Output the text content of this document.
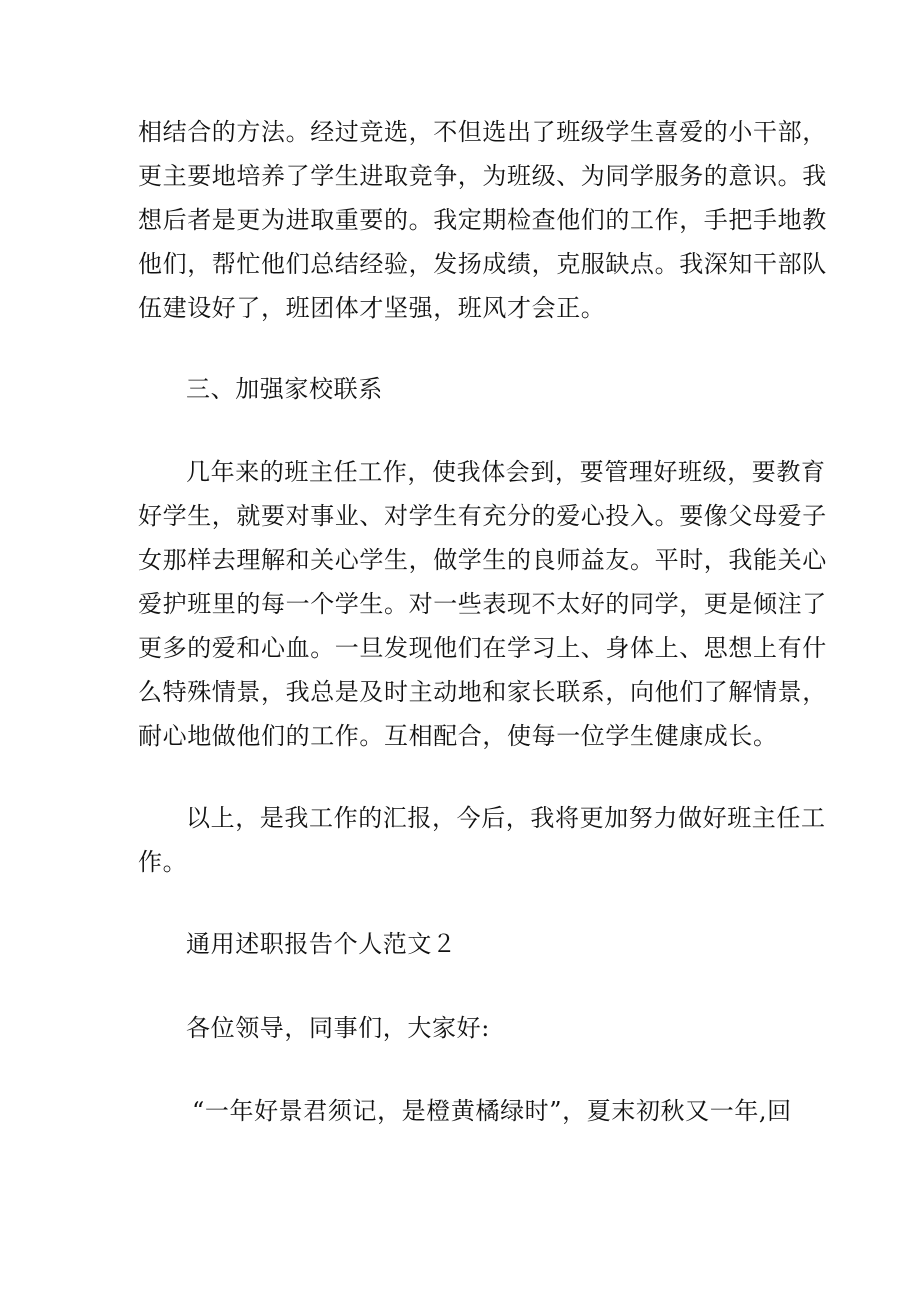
相结合的方法。经过竞选，不但选出了班级学生喜爱的小干部，
更主要地培养了学生进取竞争，为班级、为同学服务的意识。我
想后者是更为进取重要的。我定期检查他们的工作，手把手地教
他们，帮忙他们总结经验，发扬成绩，克服缺点。我深知干部队
伍建设好了，班团体才坚强，班风才会正。
三、加强家校联系
几年来的班主任工作，使我体会到，要管理好班级，要教育
好学生，就要对事业、对学生有充分的爱心投入。要像父母爱子
女那样去理解和关心学生，做学生的良师益友。平时，我能关心
爱护班里的每一个学生。对一些表现不太好的同学，更是倾注了
更多的爱和心血。一旦发现他们在学习上、身体上、思想上有什
么特殊情景，我总是及时主动地和家长联系，向他们了解情景，
耐心地做他们的工作。互相配合，使每一位学生健康成长。
以上，是我工作的汇报，今后，我将更加努力做好班主任工
作。
通用述职报告个人范文２
各位领导，同事们，大家好:
“一年好景君须记，是橙黄橘绿时”，夏末初秋又一年,回
